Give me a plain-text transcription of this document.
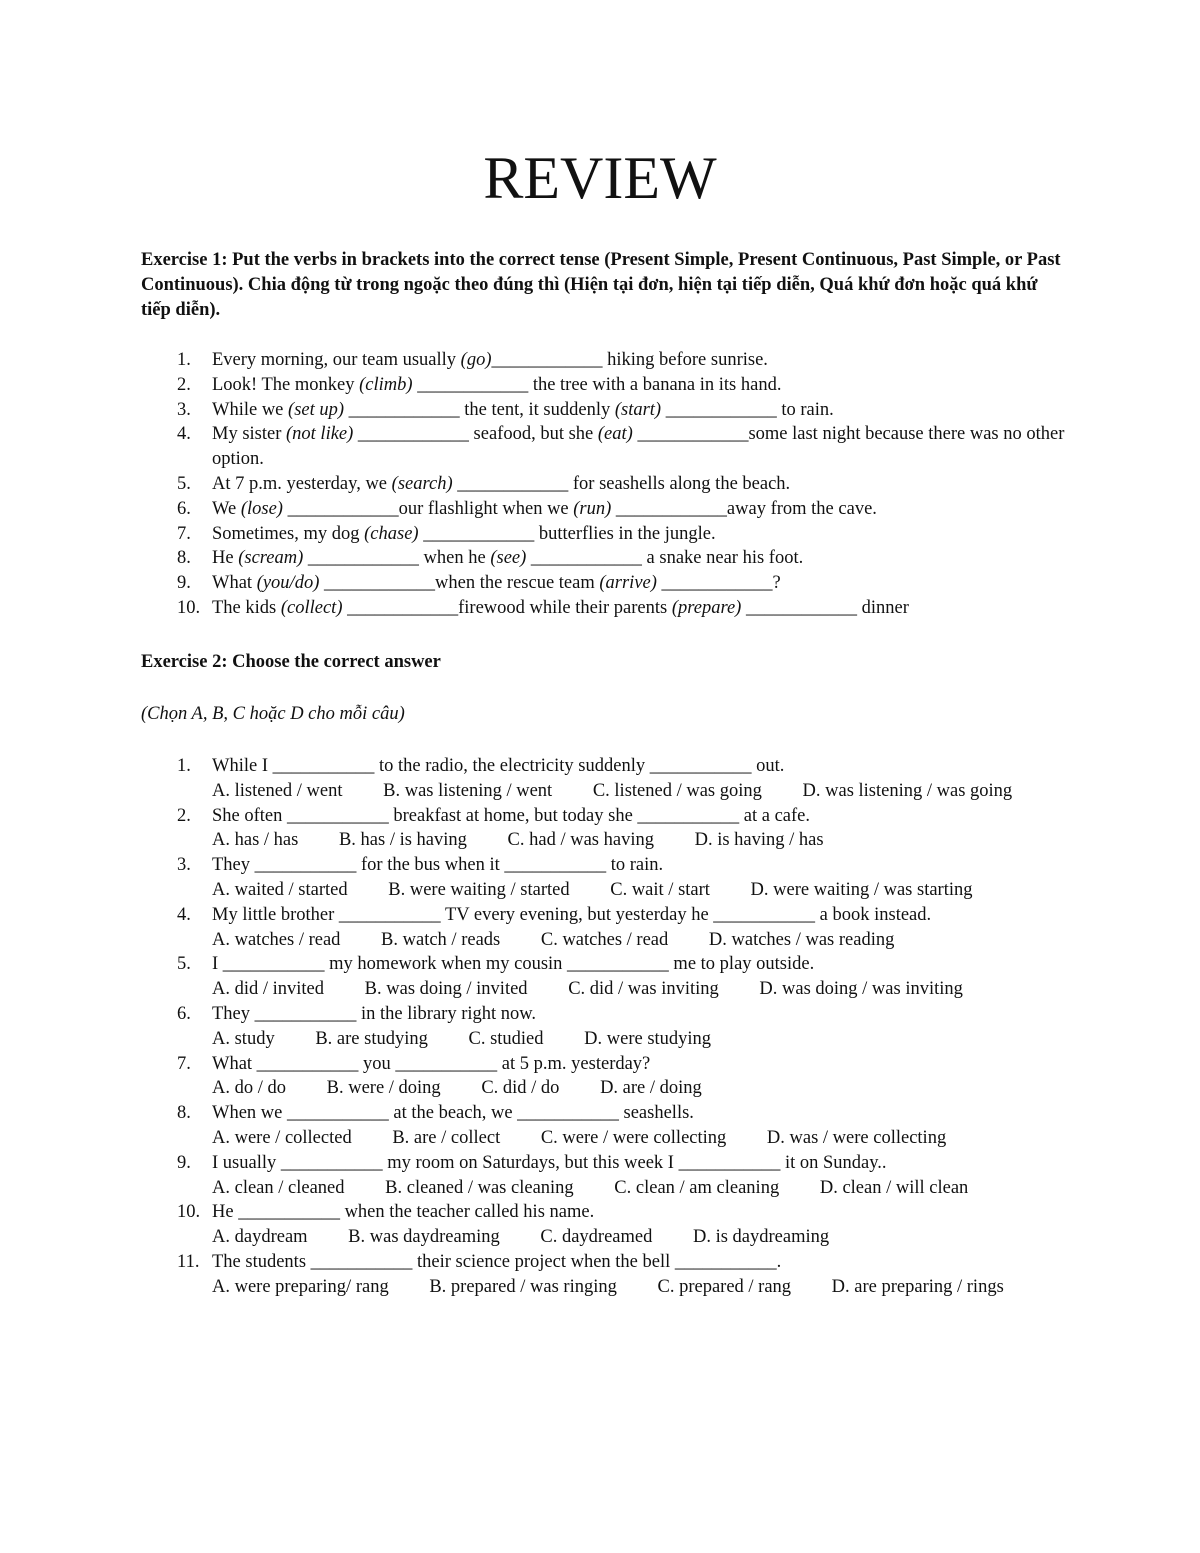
REVIEW

Exercise 1: Put the verbs in brackets into the correct tense (Present Simple, Present Continuous, Past Simple, or Past Continuous). Chia động từ trong ngoặc theo đúng thì (Hiện tại đơn, hiện tại tiếp diễn, Quá khứ đơn hoặc quá khứ tiếp diễn).

1.	Every morning, our team usually (go)____________ hiking before sunrise.
2.	Look! The monkey (climb) ____________ the tree with a banana in its hand.
3.	While we (set up) ____________ the tent, it suddenly (start) ____________ to rain.
4.	My sister (not like) ____________ seafood, but she (eat) ____________some last night because there was no other option.
5.	At 7 p.m. yesterday, we (search) ____________ for seashells along the beach.
6.	We (lose) ____________our flashlight when we (run) ____________away from the cave.
7.	Sometimes, my dog (chase) ____________ butterflies in the jungle.
8.	He (scream) ____________ when he (see) ____________ a snake near his foot.
9.	What (you/do) ____________when the rescue team (arrive) ____________?
10. The kids (collect) ____________firewood while their parents (prepare) ____________ dinner

Exercise 2: Choose the correct answer

(Chọn A, B, C hoặc D cho mỗi câu)

1.	While I ___________ to the radio, the electricity suddenly ___________ out.
A. listened / went B. was listening / went C. listened / was going D. was listening / was going
2.	She often ___________ breakfast at home, but today she ___________ at a cafe.
A. has / has B. has / is having C. had / was having D. is having / has
3.	They ___________ for the bus when it ___________ to rain.
A. waited / started B. were waiting / started C. wait / start D. were waiting / was starting
4.	My little brother ___________ TV every evening, but yesterday he ___________ a book instead.
A. watches / read B. watch / reads C. watches / read D. watches / was reading
5.	I ___________ my homework when my cousin ___________ me to play outside.
A. did / invited B. was doing / invited C. did / was inviting D. was doing / was inviting
6.	They ___________ in the library right now.
A. study B. are studying C. studied D. were studying
7.	What ___________ you ___________ at 5 p.m. yesterday?
A. do / do B. were / doing C. did / do D. are / doing
8.	When we ___________ at the beach, we ___________ seashells.
A. were / collected B. are / collect C. were / were collecting D. was / were collecting
9.	I usually ___________ my room on Saturdays, but this week I ___________ it on Sunday..
A. clean / cleaned B. cleaned / was cleaning C. clean / am cleaning D. clean / will clean
10. He ___________ when the teacher called his name.
A. daydream B. was daydreaming C. daydreamed D. is daydreaming
11. The students ___________ their science project when the bell ___________.
A. were preparing/ rang B. prepared / was ringing C. prepared / rang D. are preparing / rings
